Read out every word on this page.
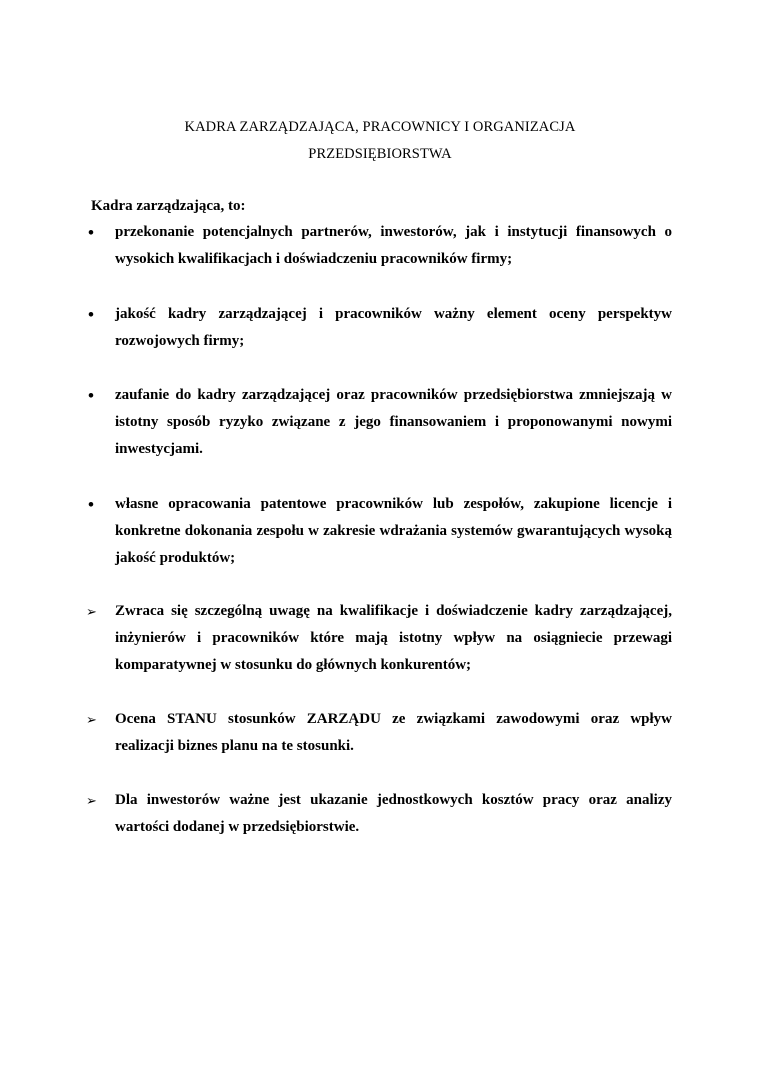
KADRA ZARZĄDZAJĄCA, PRACOWNICY I ORGANIZACJA
PRZEDSIĘBIORSTWA
Kadra zarządzająca, to:
•	przekonanie potencjalnych partnerów, inwestorów, jak i instytucji finansowych o wysokich kwalifikacjach i doświadczeniu pracowników firmy;
•	jakość kadry zarządzającej i pracowników ważny element oceny perspektyw rozwojowych firmy;
•	zaufanie do kadry zarządzającej oraz pracowników przedsiębiorstwa zmniejszają w istotny sposób ryzyko związane z jego finansowaniem i proponowanymi nowymi inwestycjami.
•	własne opracowania patentowe pracowników lub zespołów, zakupione licencje i konkretne dokonania zespołu w zakresie wdrażania systemów gwarantujących wysoką jakość produktów;
➢	Zwraca się szczególną uwagę na kwalifikacje i doświadczenie kadry zarządzającej, inżynierów i pracowników które mają istotny wpływ na osiągniecie przewagi komparatywnej w stosunku do głównych konkurentów;
➢	Ocena STANU stosunków ZARZĄDU ze związkami zawodowymi oraz wpływ realizacji biznes planu na te stosunki.
➢	Dla inwestorów ważne jest ukazanie jednostkowych kosztów pracy oraz analizy wartości dodanej w przedsiębiorstwie.
